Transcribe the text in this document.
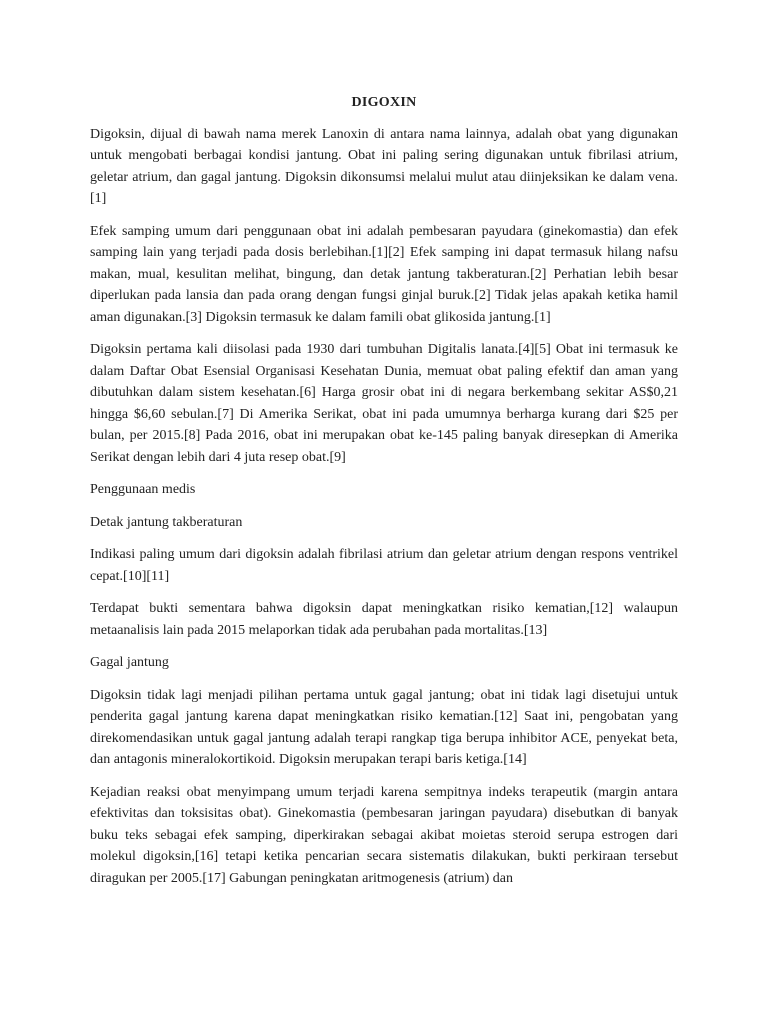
DIGOXIN

Digoksin, dijual di bawah nama merek Lanoxin di antara nama lainnya, adalah obat yang digunakan untuk mengobati berbagai kondisi jantung. Obat ini paling sering digunakan untuk fibrilasi atrium, geletar atrium, dan gagal jantung. Digoksin dikonsumsi melalui mulut atau diinjeksikan ke dalam vena.[1]

Efek samping umum dari penggunaan obat ini adalah pembesaran payudara (ginekomastia) dan efek samping lain yang terjadi pada dosis berlebihan.[1][2] Efek samping ini dapat termasuk hilang nafsu makan, mual, kesulitan melihat, bingung, dan detak jantung takberaturan.[2] Perhatian lebih besar diperlukan pada lansia dan pada orang dengan fungsi ginjal buruk.[2] Tidak jelas apakah ketika hamil aman digunakan.[3] Digoksin termasuk ke dalam famili obat glikosida jantung.[1]

Digoksin pertama kali diisolasi pada 1930 dari tumbuhan Digitalis lanata.[4][5] Obat ini termasuk ke dalam Daftar Obat Esensial Organisasi Kesehatan Dunia, memuat obat paling efektif dan aman yang dibutuhkan dalam sistem kesehatan.[6] Harga grosir obat ini di negara berkembang sekitar AS$0,21 hingga $6,60 sebulan.[7] Di Amerika Serikat, obat ini pada umumnya berharga kurang dari $25 per bulan, per 2015.[8] Pada 2016, obat ini merupakan obat ke-145 paling banyak diresepkan di Amerika Serikat dengan lebih dari 4 juta resep obat.[9]

Penggunaan medis

Detak jantung takberaturan

Indikasi paling umum dari digoksin adalah fibrilasi atrium dan geletar atrium dengan respons ventrikel cepat.[10][11]

Terdapat bukti sementara bahwa digoksin dapat meningkatkan risiko kematian,[12] walaupun metaanalisis lain pada 2015 melaporkan tidak ada perubahan pada mortalitas.[13]

Gagal jantung

Digoksin tidak lagi menjadi pilihan pertama untuk gagal jantung; obat ini tidak lagi disetujui untuk penderita gagal jantung karena dapat meningkatkan risiko kematian.[12] Saat ini, pengobatan yang direkomendasikan untuk gagal jantung adalah terapi rangkap tiga berupa inhibitor ACE, penyekat beta, dan antagonis mineralokortikoid. Digoksin merupakan terapi baris ketiga.[14]

Kejadian reaksi obat menyimpang umum terjadi karena sempitnya indeks terapeutik (margin antara efektivitas dan toksisitas obat). Ginekomastia (pembesaran jaringan payudara) disebutkan di banyak buku teks sebagai efek samping, diperkirakan sebagai akibat moietas steroid serupa estrogen dari molekul digoksin,[16] tetapi ketika pencarian secara sistematis dilakukan, bukti perkiraan tersebut diragukan per 2005.[17] Gabungan peningkatan aritmogenesis (atrium) dan
